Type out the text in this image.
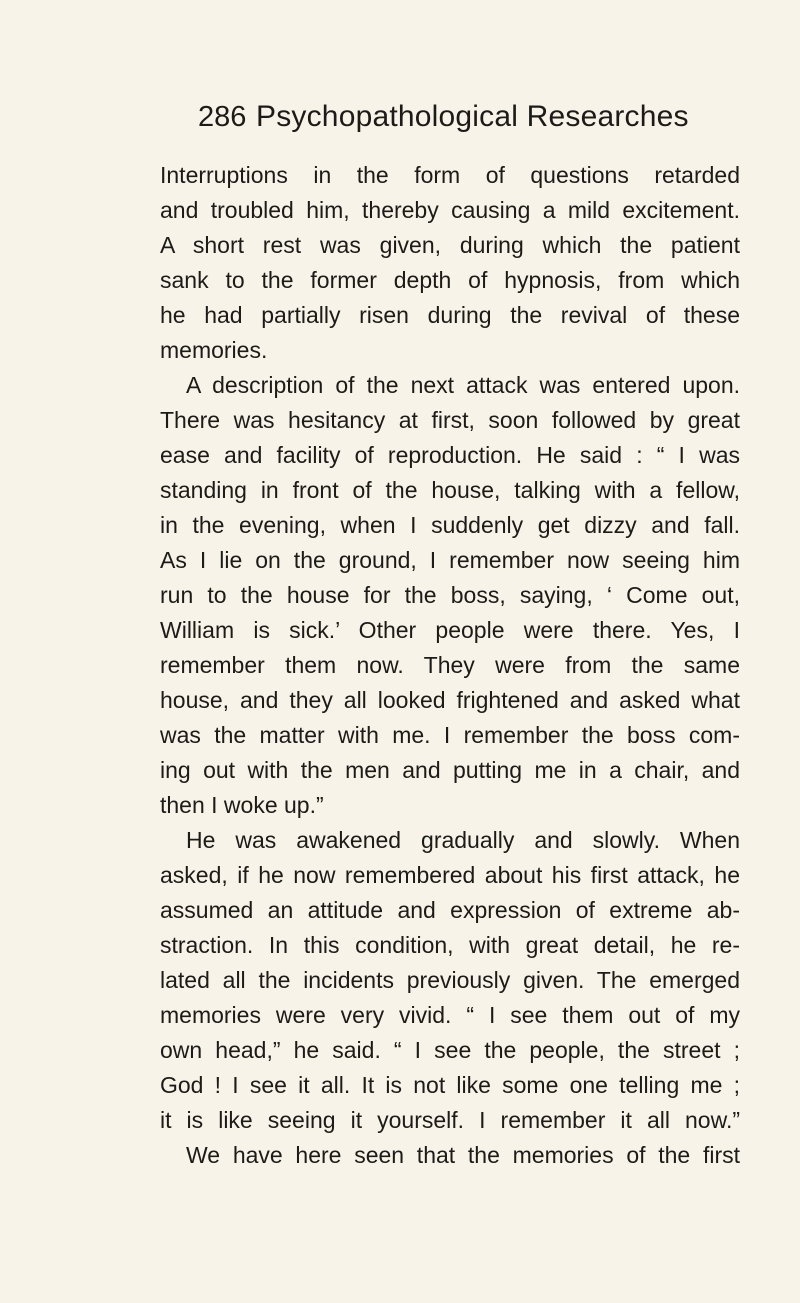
286 Psychopathological Researches
Interruptions in the form of questions retarded
and troubled him, thereby causing a mild excitement.
A short rest was given, during which the patient
sank to the former depth of hypnosis, from which
he had partially risen during the revival of these
memories.
A description of the next attack was entered upon.
There was hesitancy at first, soon followed by great
ease and facility of reproduction. He said : “ I was
standing in front of the house, talking with a fellow,
in the evening, when I suddenly get dizzy and fall.
As I lie on the ground, I remember now seeing him
run to the house for the boss, saying, ‘ Come out,
William is sick.’ Other people were there. Yes, I
remember them now. They were from the same
house, and they all looked frightened and asked what
was the matter with me. I remember the boss com-
ing out with the men and putting me in a chair, and
then I woke up.”
He was awakened gradually and slowly. When
asked, if he now remembered about his first attack, he
assumed an attitude and expression of extreme ab-
straction. In this condition, with great detail, he re-
lated all the incidents previously given. The emerged
memories were very vivid. “ I see them out of my
own head,” he said. “ I see the people, the street ;
God ! I see it all. It is not like some one telling me ;
it is like seeing it yourself. I remember it all now.”
We have here seen that the memories of the first
